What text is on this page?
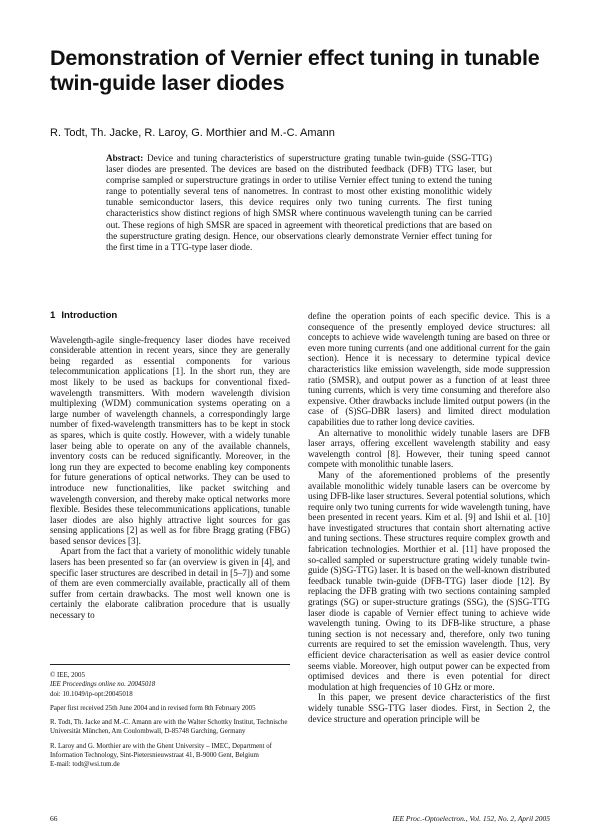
Demonstration of Vernier effect tuning in tunable twin-guide laser diodes

R. Todt, Th. Jacke, R. Laroy, G. Morthier and M.-C. Amann

Abstract: Device and tuning characteristics of superstructure grating tunable twin-guide (SSG-TTG) laser diodes are presented. The devices are based on the distributed feedback (DFB) TTG laser, but comprise sampled or superstructure gratings in order to utilise Vernier effect tuning to extend the tuning range to potentially several tens of nanometres. In contrast to most other existing monolithic widely tunable semiconductor lasers, this device requires only two tuning currents. The first tuning characteristics show distinct regions of high SMSR where continuous wavelength tuning can be carried out. These regions of high SMSR are spaced in agreement with theoretical predictions that are based on the superstructure grating design. Hence, our observations clearly demonstrate Vernier effect tuning for the first time in a TTG-type laser diode.

1 Introduction

Wavelength-agile single-frequency laser diodes have received considerable attention in recent years, since they are generally being regarded as essential components for various telecommunication applications [1]. In the short run, they are most likely to be used as backups for conventional fixed-wavelength transmitters. With modern wavelength division multiplexing (WDM) communication systems operating on a large number of wavelength channels, a correspondingly large number of fixed-wavelength transmitters has to be kept in stock as spares, which is quite costly. However, with a widely tunable laser being able to operate on any of the available channels, inventory costs can be reduced significantly. Moreover, in the long run they are expected to become enabling key components for future generations of optical networks. They can be used to introduce new functionalities, like packet switching and wavelength conversion, and thereby make optical networks more flexible. Besides these telecommunications applications, tunable laser diodes are also highly attractive light sources for gas sensing applications [2] as well as for fibre Bragg grating (FBG) based sensor devices [3].

Apart from the fact that a variety of monolithic widely tunable lasers has been presented so far (an overview is given in [4], and specific laser structures are described in detail in [5–7]) and some of them are even commercially available, practically all of them suffer from certain drawbacks. The most well known one is certainly the elaborate calibration procedure that is usually necessary to

define the operation points of each specific device. This is a consequence of the presently employed device structures: all concepts to achieve wide wavelength tuning are based on three or even more tuning currents (and one additional current for the gain section). Hence it is necessary to determine typical device characteristics like emission wavelength, side mode suppression ratio (SMSR), and output power as a function of at least three tuning currents, which is very time consuming and therefore also expensive. Other drawbacks include limited output powers (in the case of (S)SG-DBR lasers) and limited direct modulation capabilities due to rather long device cavities.

An alternative to monolithic widely tunable lasers are DFB laser arrays, offering excellent wavelength stability and easy wavelength control [8]. However, their tuning speed cannot compete with monolithic tunable lasers.

Many of the aforementioned problems of the presently available monolithic widely tunable lasers can be overcome by using DFB-like laser structures. Several potential solutions, which require only two tuning currents for wide wavelength tuning, have been presented in recent years. Kim et al. [9] and Ishii et al. [10] have investigated structures that contain short alternating active and tuning sections. These structures require complex growth and fabrication technologies. Morthier et al. [11] have proposed the so-called sampled or superstructure grating widely tunable twin-guide (S)SG-TTG) laser. It is based on the well-known distributed feedback tunable twin-guide (DFB-TTG) laser diode [12]. By replacing the DFB grating with two sections containing sampled gratings (SG) or super-structure gratings (SSG), the (S)SG-TTG laser diode is capable of Vernier effect tuning to achieve wide wavelength tuning. Owing to its DFB-like structure, a phase tuning section is not necessary and, therefore, only two tuning currents are required to set the emission wavelength. Thus, very efficient device characterisation as well as easier device control seems viable. Moreover, high output power can be expected from optimised devices and there is even potential for direct modulation at high frequencies of 10 GHz or more.

In this paper, we present device characteristics of the first widely tunable SSG-TTG laser diodes. First, in Section 2, the device structure and operation principle will be

© IEE, 2005

IEE Proceedings online no. 20045018

doi: 10.1049/ip-opt:20045018

Paper first received 25th June 2004 and in revised form 8th February 2005

R. Todt, Th. Jacke and M.-C. Amann are with the Walter Schottky Institut, Technische Universität München, Am Coulombwall, D-85748 Garching, Germany

R. Laroy and G. Morthier are with the Ghent University – IMEC, Department of Information Technology, Sint-Pietersnieuwstraat 41, B-9000 Gent, Belgium

E-mail: todt@wsi.tum.de

66	IEE Proc.-Optoelectron., Vol. 152, No. 2, April 2005
